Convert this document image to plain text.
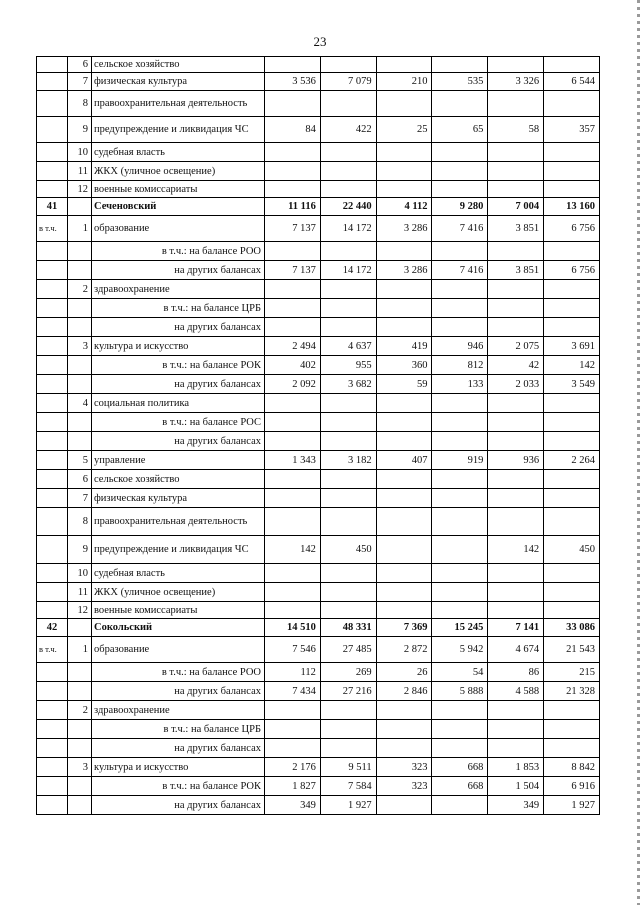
23
	6	сельское хозяйство						
	7	физическая культура	3 536	7 079	210	535	3 326	6 544
	8	правоохранительная деятельность						
	9	предупреждение и ликвидация ЧС	84	422	25	65	58	357
	10	судебная власть						
	11	ЖКХ (уличное освещение)						
	12	военные комиссариаты						
41		Сеченовский	11 116	22 440	4 112	9 280	7 004	13 160
в т.ч.	1	образование	7 137	14 172	3 286	7 416	3 851	6 756
		в т.ч.: на балансе РОО						
		на других балансах	7 137	14 172	3 286	7 416	3 851	6 756
	2	здравоохранение						
		в т.ч.: на балансе ЦРБ						
		на других балансах						
	3	культура и искусство	2 494	4 637	419	946	2 075	3 691
		в т.ч.: на балансе РОК	402	955	360	812	42	142
		на других балансах	2 092	3 682	59	133	2 033	3 549
	4	социальная политика						
		в т.ч.: на балансе РОС						
		на других балансах						
	5	управление	1 343	3 182	407	919	936	2 264
	6	сельское хозяйство						
	7	физическая культура						
	8	правоохранительная деятельность						
	9	предупреждение и ликвидация ЧС	142	450			142	450
	10	судебная власть						
	11	ЖКХ (уличное освещение)						
	12	военные комиссариаты						
42		Сокольский	14 510	48 331	7 369	15 245	7 141	33 086
в т.ч.	1	образование	7 546	27 485	2 872	5 942	4 674	21 543
		в т.ч.: на балансе РОО	112	269	26	54	86	215
		на других балансах	7 434	27 216	2 846	5 888	4 588	21 328
	2	здравоохранение						
		в т.ч.: на балансе ЦРБ						
		на других балансах						
	3	культура и искусство	2 176	9 511	323	668	1 853	8 842
		в т.ч.: на балансе РОК	1 827	7 584	323	668	1 504	6 916
		на других балансах	349	1 927			349	1 927
